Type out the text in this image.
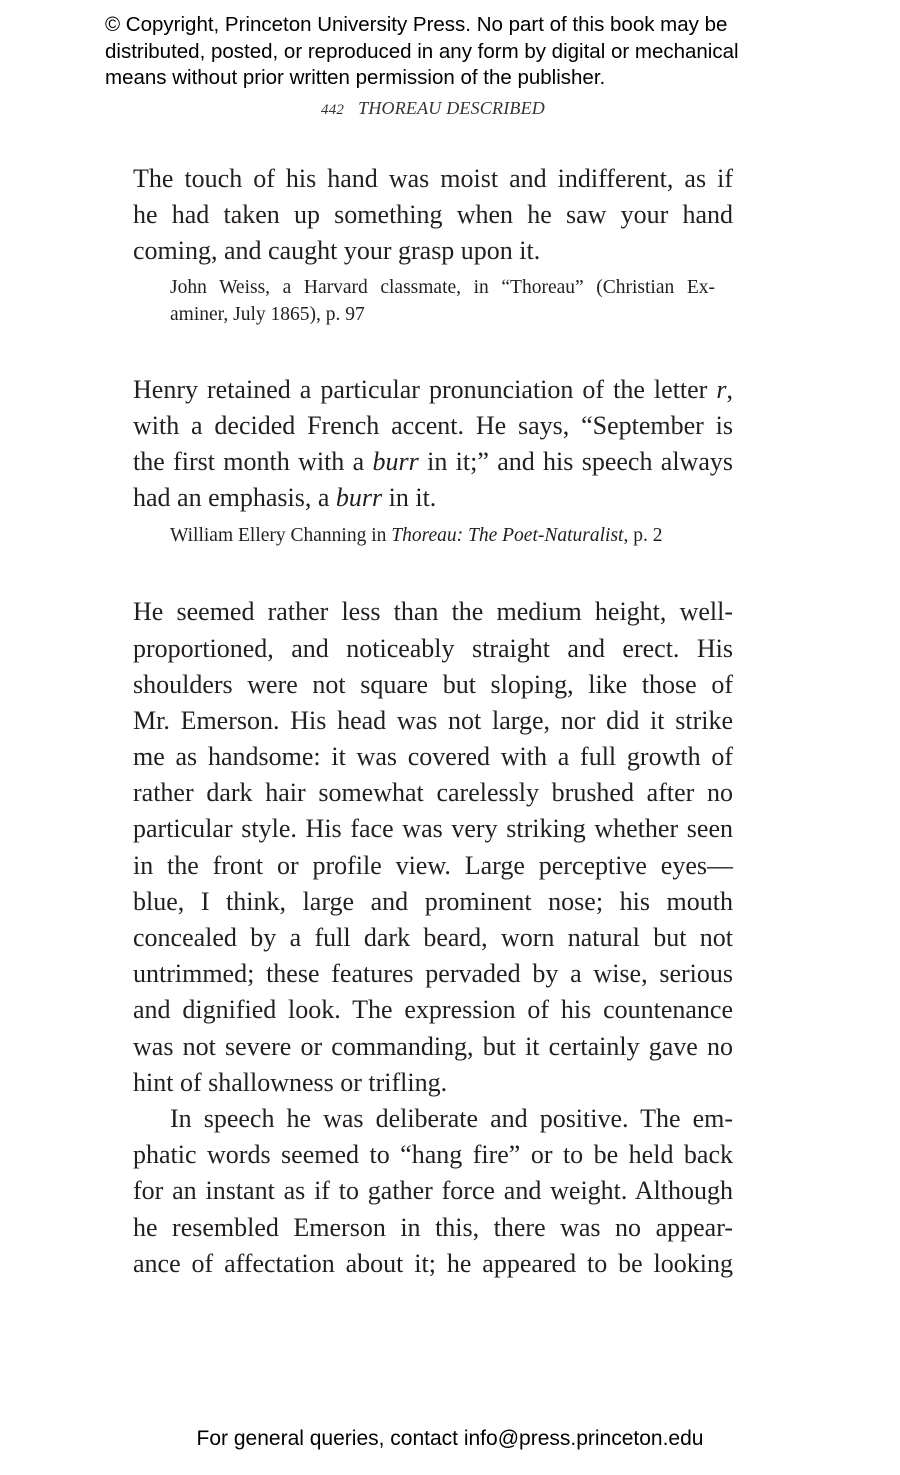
© Copyright, Princeton University Press. No part of this book may be
distributed, posted, or reproduced in any form by digital or mechanical
means without prior written permission of the publisher.
442 THOREAU DESCRIBED
The touch of his hand was moist and indifferent, as if
he had taken up something when he saw your hand
coming, and caught your grasp upon it.
John Weiss, a Harvard classmate, in “Thoreau” (Christian Ex-
aminer, July 1865), p. 97
Henry retained a particular pronunciation of the letter r,
with a decided French accent. He says, “September is
the first month with a burr in it;” and his speech always
had an emphasis, a burr in it.
William Ellery Channing in Thoreau: The Poet-Naturalist, p. 2
He seemed rather less than the medium height, well-
proportioned, and noticeably straight and erect. His
shoulders were not square but sloping, like those of
Mr. Emerson. His head was not large, nor did it strike
me as handsome: it was covered with a full growth of
rather dark hair somewhat carelessly brushed after no
particular style. His face was very striking whether seen
in the front or profile view. Large perceptive eyes—
blue, I think, large and prominent nose; his mouth
concealed by a full dark beard, worn natural but not
untrimmed; these features pervaded by a wise, serious
and dignified look. The expression of his countenance
was not severe or commanding, but it certainly gave no
hint of shallowness or trifling.
In speech he was deliberate and positive. The em-
phatic words seemed to “hang fire” or to be held back
for an instant as if to gather force and weight. Although
he resembled Emerson in this, there was no appear-
ance of affectation about it; he appeared to be looking
For general queries, contact info@press.princeton.edu
